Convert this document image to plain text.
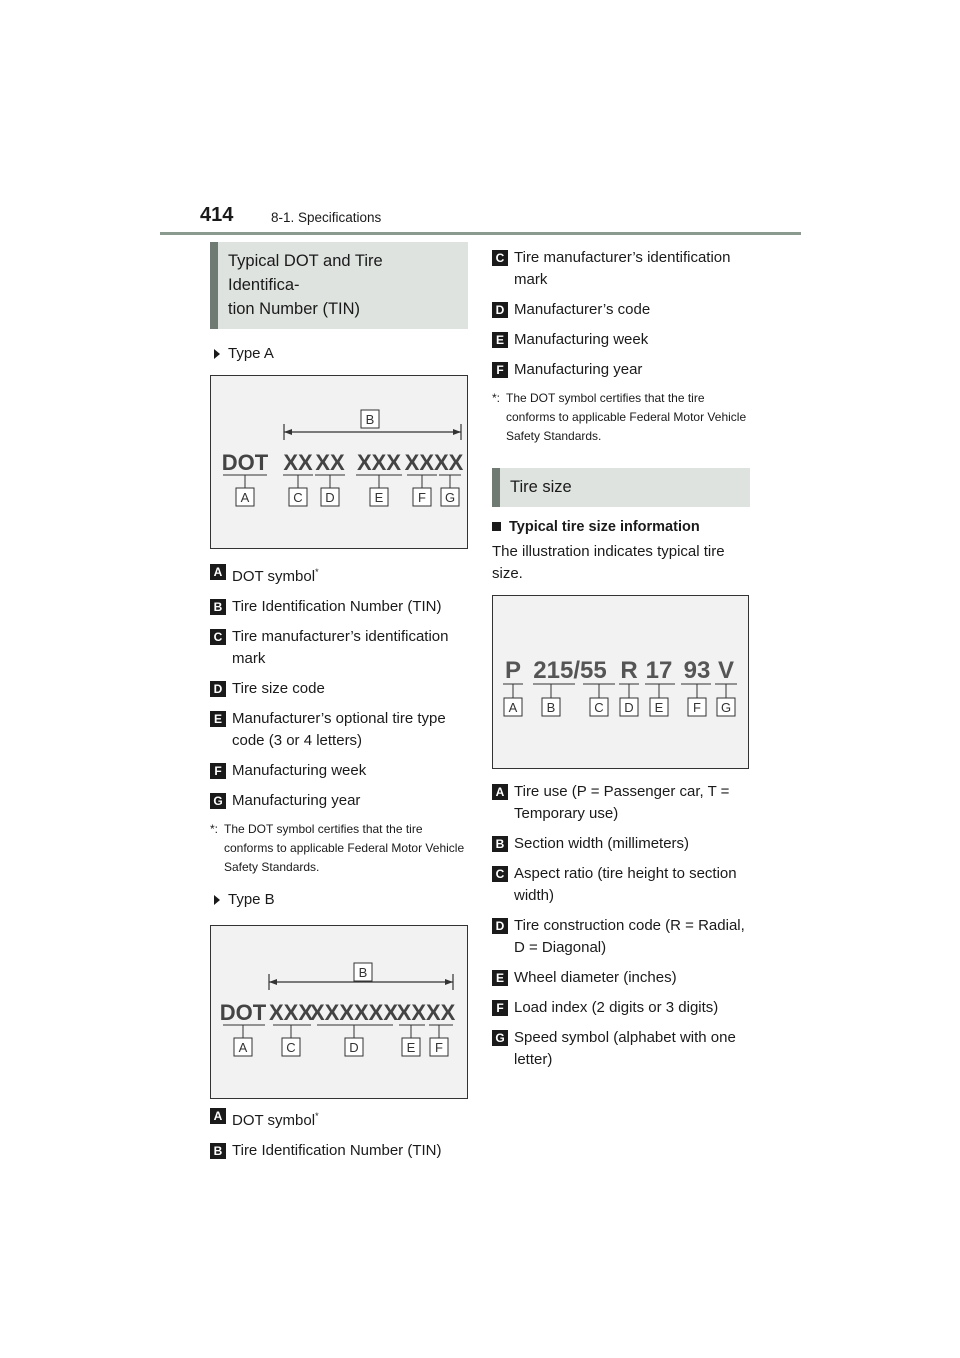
414	8-1. Specifications
Typical DOT and Tire Identifica-
tion Number (TIN)
Type A
B
DOT XX XX XXX XXXX
A	C D	E	F G
A DOT symbol*
B Tire Identification Number (TIN)
C Tire manufacturer’s identification mark
D Tire size code
E Manufacturer’s optional tire type code (3 or 4 letters)
F Manufacturing week
G Manufacturing year
*: The DOT symbol certifies that the tire conforms to applicable Federal Motor Vehicle Safety Standards.
Type B
B
DOT XXX
XXXXXX
XXXX
A	C	D	E F
A DOT symbol*
B Tire Identification Number (TIN)
C Tire manufacturer’s identification mark
D Manufacturer’s code
E Manufacturing week
F Manufacturing year
*: The DOT symbol certifies that the tire conforms to applicable Federal Motor Vehicle Safety Standards.
Tire size
Typical tire size information
The illustration indicates typical tire size.
P 215/55 R 17 93 V
A B	C D E F G
A Tire use (P = Passenger car, T = Temporary use)
B Section width (millimeters)
C Aspect ratio (tire height to section width)
D Tire construction code (R = Radial, D = Diagonal)
E Wheel diameter (inches)
F Load index (2 digits or 3 digits)
G Speed symbol (alphabet with one letter)
